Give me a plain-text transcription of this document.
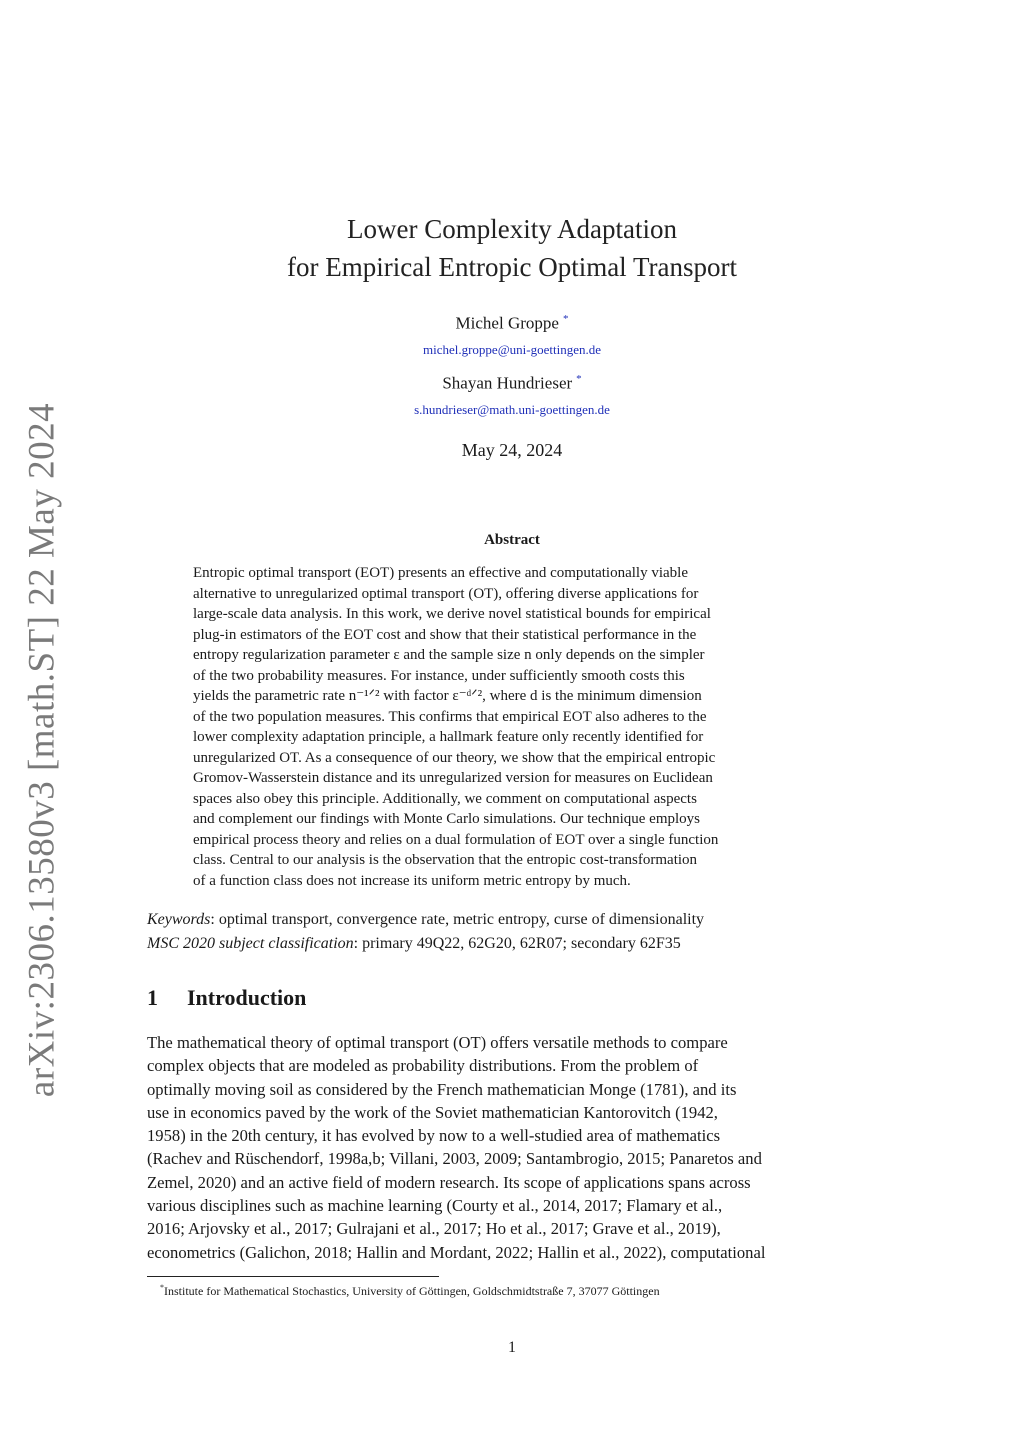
arXiv:2306.13580v3 [math.ST] 22 May 2024
Lower Complexity Adaptation
for Empirical Entropic Optimal Transport
Michel Groppe *
michel.groppe@uni-goettingen.de
Shayan Hundrieser *
s.hundrieser@math.uni-goettingen.de
May 24, 2024
Abstract
Entropic optimal transport (EOT) presents an effective and computationally viable
alternative to unregularized optimal transport (OT), offering diverse applications for
large-scale data analysis. In this work, we derive novel statistical bounds for empirical
plug-in estimators of the EOT cost and show that their statistical performance in the
entropy regularization parameter ε and the sample size n only depends on the simpler
of the two probability measures. For instance, under sufficiently smooth costs this
yields the parametric rate n⁻¹ᐟ² with factor ε⁻ᵈᐟ², where d is the minimum dimension
of the two population measures. This confirms that empirical EOT also adheres to the
lower complexity adaptation principle, a hallmark feature only recently identified for
unregularized OT. As a consequence of our theory, we show that the empirical entropic
Gromov-Wasserstein distance and its unregularized version for measures on Euclidean
spaces also obey this principle. Additionally, we comment on computational aspects
and complement our findings with Monte Carlo simulations. Our technique employs
empirical process theory and relies on a dual formulation of EOT over a single function
class. Central to our analysis is the observation that the entropic cost-transformation
of a function class does not increase its uniform metric entropy by much.
Keywords: optimal transport, convergence rate, metric entropy, curse of dimensionality
MSC 2020 subject classification: primary 49Q22, 62G20, 62R07; secondary 62F35
1 Introduction
The mathematical theory of optimal transport (OT) offers versatile methods to compare
complex objects that are modeled as probability distributions. From the problem of
optimally moving soil as considered by the French mathematician Monge (1781), and its
use in economics paved by the work of the Soviet mathematician Kantorovitch (1942,
1958) in the 20th century, it has evolved by now to a well-studied area of mathematics
(Rachev and Rüschendorf, 1998a,b; Villani, 2003, 2009; Santambrogio, 2015; Panaretos and
Zemel, 2020) and an active field of modern research. Its scope of applications spans across
various disciplines such as machine learning (Courty et al., 2014, 2017; Flamary et al.,
2016; Arjovsky et al., 2017; Gulrajani et al., 2017; Ho et al., 2017; Grave et al., 2019),
econometrics (Galichon, 2018; Hallin and Mordant, 2022; Hallin et al., 2022), computational
*Institute for Mathematical Stochastics, University of Göttingen, Goldschmidtstraße 7, 37077 Göttingen
1
